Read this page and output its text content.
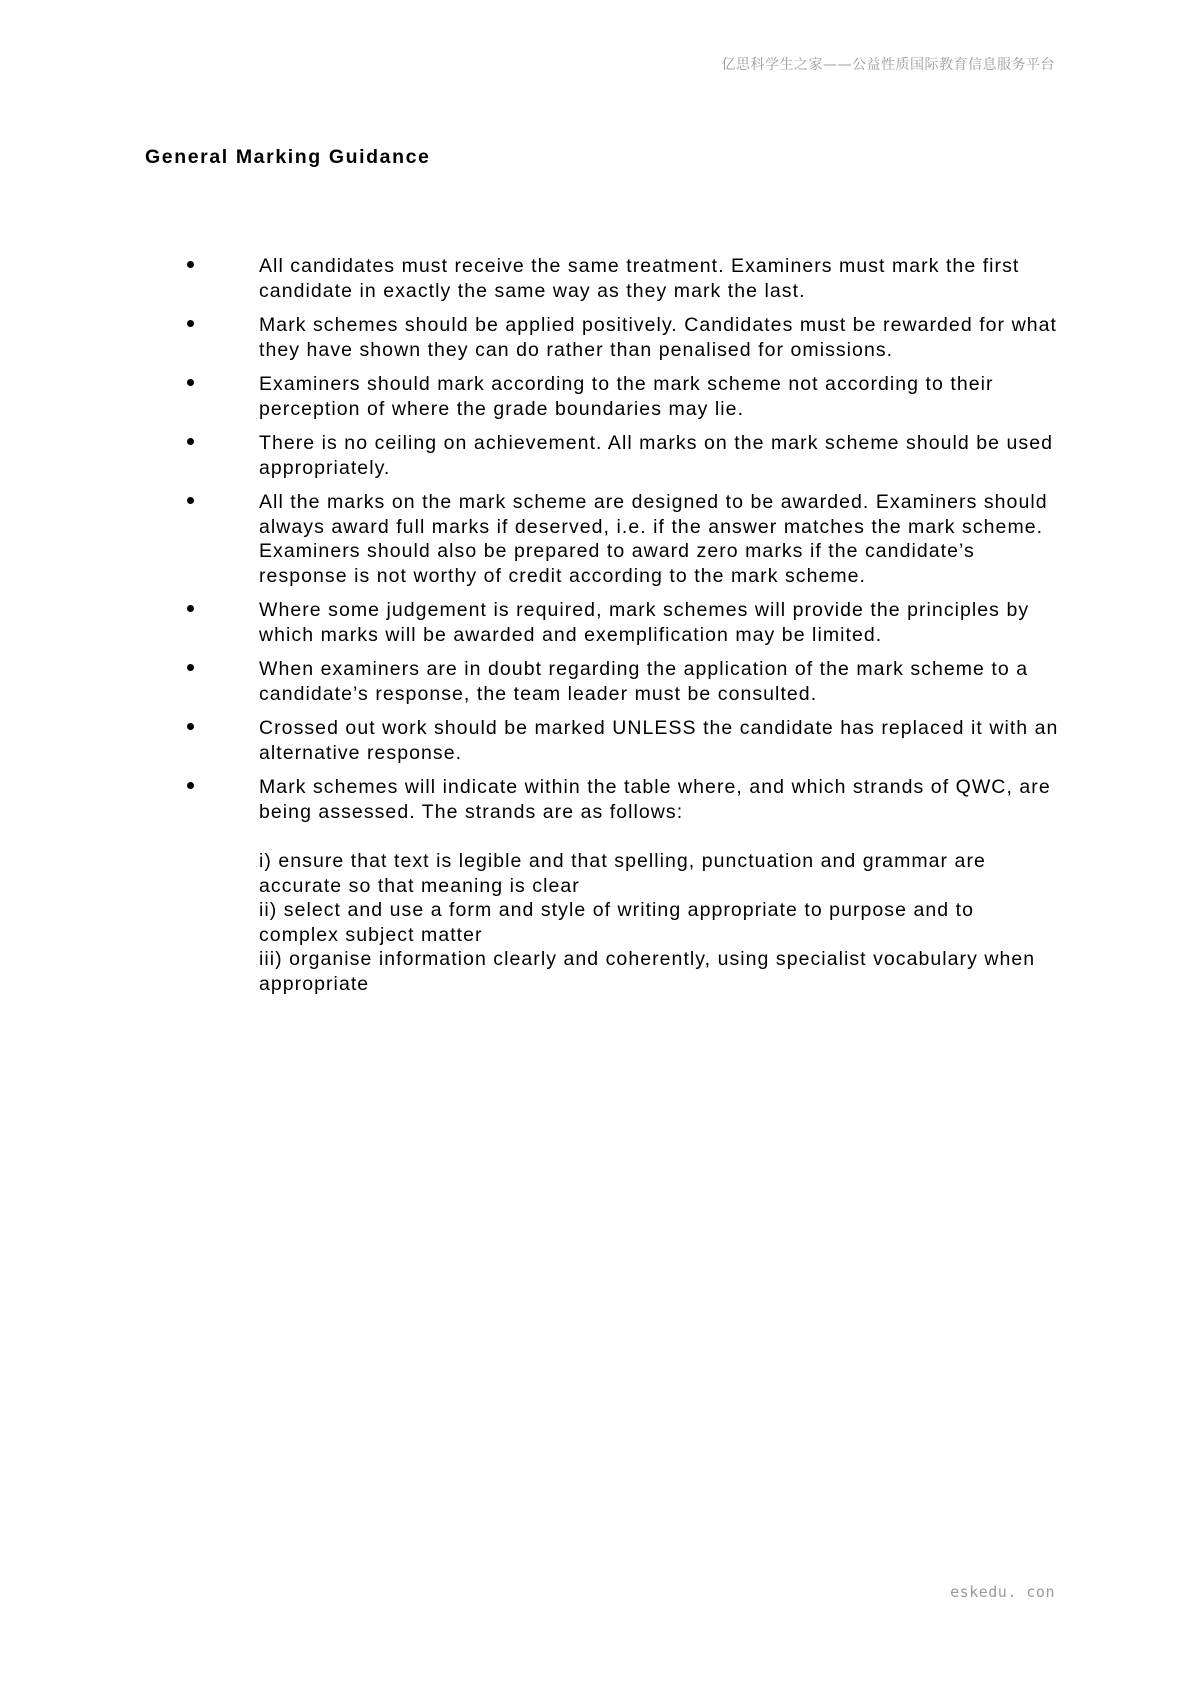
亿思科学生之家——公益性质国际教育信息服务平台
General Marking Guidance
All candidates must receive the same treatment. Examiners must mark the first candidate in exactly the same way as they mark the last.
Mark schemes should be applied positively. Candidates must be rewarded for what they have shown they can do rather than penalised for omissions.
Examiners should mark according to the mark scheme not according to their perception of where the grade boundaries may lie.
There is no ceiling on achievement. All marks on the mark scheme should be used appropriately.
All the marks on the mark scheme are designed to be awarded. Examiners should always award full marks if deserved, i.e. if the answer matches the mark scheme. Examiners should also be prepared to award zero marks if the candidate’s response is not worthy of credit according to the mark scheme.
Where some judgement is required, mark schemes will provide the principles by which marks will be awarded and exemplification may be limited.
When examiners are in doubt regarding the application of the mark scheme to a candidate’s response, the team leader must be consulted.
Crossed out work should be marked UNLESS the candidate has replaced it with an alternative response.
Mark schemes will indicate within the table where, and which strands of QWC, are being assessed. The strands are as follows:
i) ensure that text is legible and that spelling, punctuation and grammar are accurate so that meaning is clear
ii) select and use a form and style of writing appropriate to purpose and to complex subject matter
iii) organise information clearly and coherently, using specialist vocabulary when appropriate
eskedu. con
